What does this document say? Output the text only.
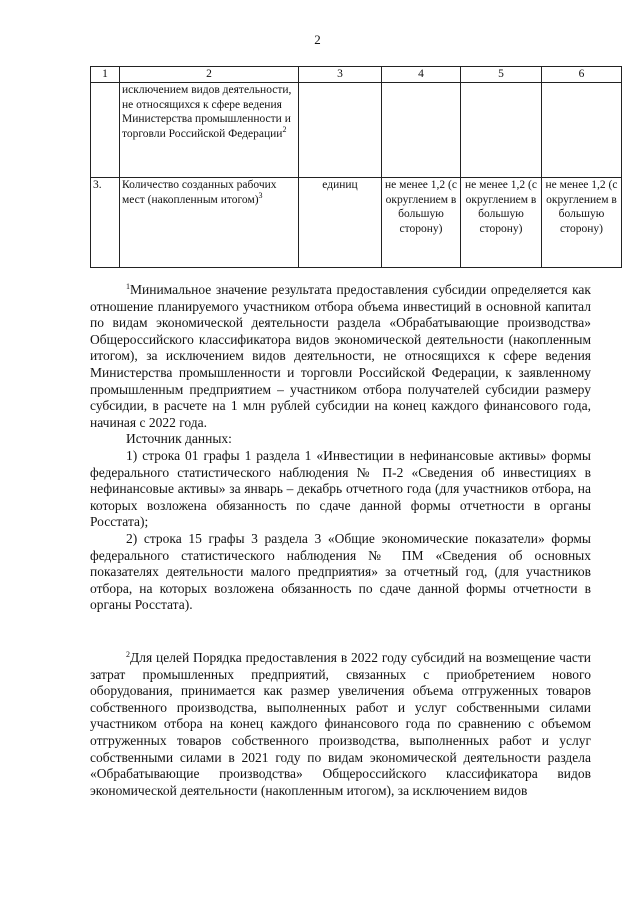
2
1	2	3	4	5	6
	исключением видов деятельности, не относящихся к сфере ведения Министерства промышленности и торговли Российской Федерации$^2$				
3.	Количество созданных рабочих мест (накопленным итогом)$^3$	единиц	не менее 1,2 (с округлением в большую сторону)	не менее 1,2 (с округлением в большую сторону)	не менее 1,2 (с округлением в большую сторону)

$^1$Минимальное значение результата предоставления субсидии определяется как отношение планируемого участником отбора объема инвестиций в основной капитал по видам экономической деятельности раздела «Обрабатывающие производства» Общероссийского классификатора видов экономической деятельности (накопленным итогом), за исключением видов деятельности, не относящихся к сфере ведения Министерства промышленности и торговли Российской Федерации, к заявленному промышленным предприятием – участником отбора получателей субсидии размеру субсидии, в расчете на 1 млн рублей субсидии на конец каждого финансового года, начиная с 2022 года.

Источник данных:

1) строка 01 графы 1 раздела 1 «Инвестиции в нефинансовые активы» формы федерального статистического наблюдения № П-2 «Сведения об инвестициях в нефинансовые активы» за январь – декабрь отчетного года (для участников отбора, на которых возложена обязанность по сдаче данной формы отчетности в органы Росстата);

2) строка 15 графы 3 раздела 3 «Общие экономические показатели» формы федерального статистического наблюдения № ПМ «Сведения об основных показателях деятельности малого предприятия» за отчетный год, (для участников отбора, на которых возложена обязанность по сдаче данной формы отчетности в органы Росстата).

$^2$Для целей Порядка предоставления в 2022 году субсидий на возмещение части затрат промышленных предприятий, связанных с приобретением нового оборудования, принимается как размер увеличения объема отгруженных товаров собственного производства, выполненных работ и услуг собственными силами участником отбора на конец каждого финансового года по сравнению с объемом отгруженных товаров собственного производства, выполненных работ и услуг собственными силами в 2021 году по видам экономической деятельности раздела «Обрабатывающие производства» Общероссийского классификатора видов экономической деятельности (накопленным итогом), за исключением видов
